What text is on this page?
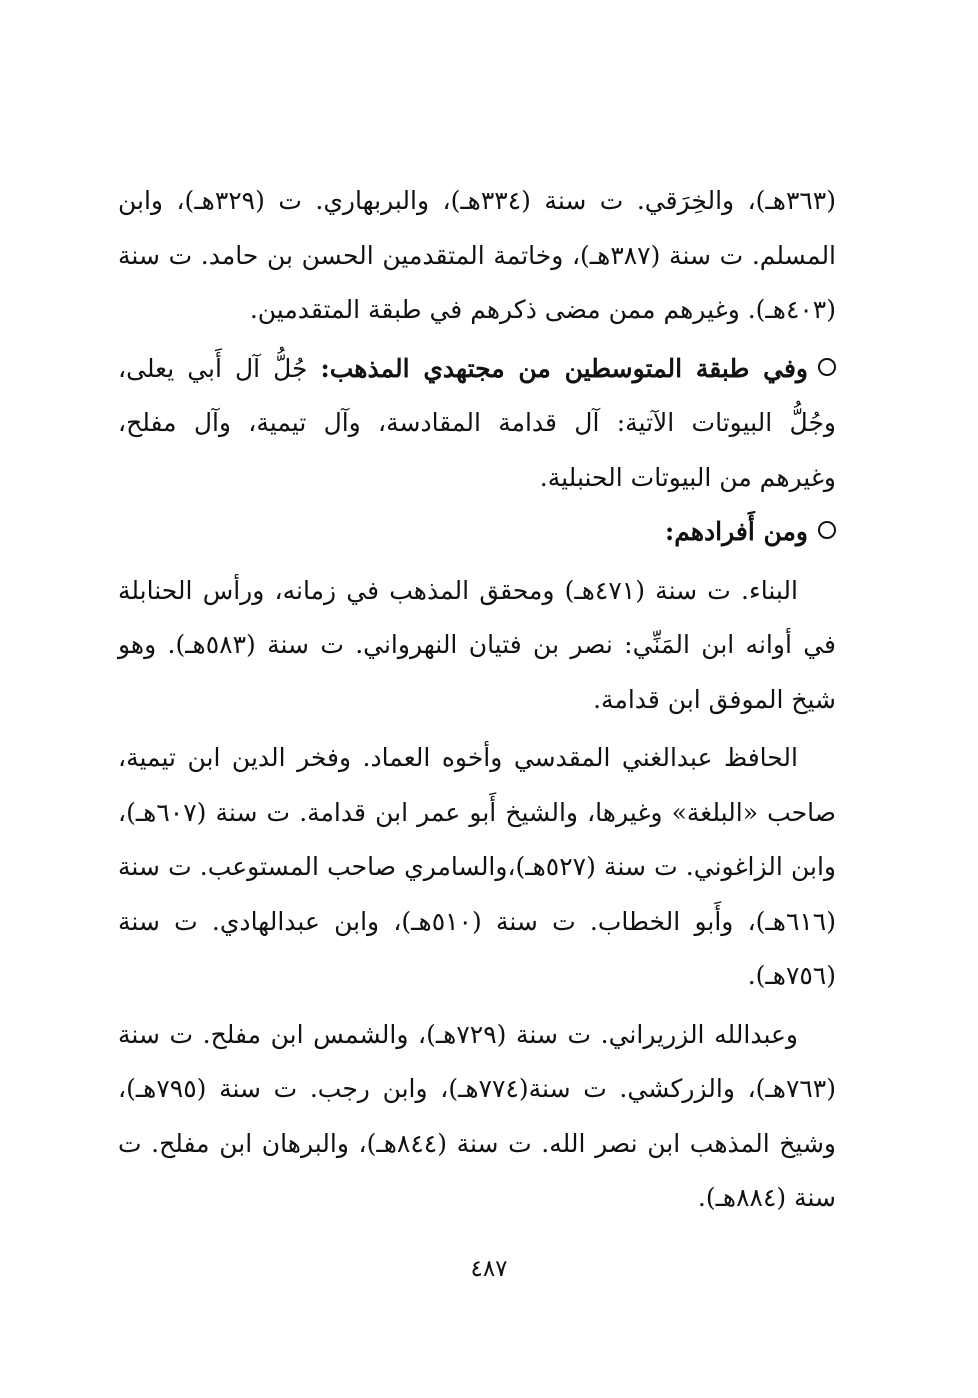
(٣٦٣هـ)، والخِرَقي. ت سنة (٣٣٤هـ)، والبربهاري. ت (٣٢٩هـ)، وابن المسلم. ت سنة (٣٨٧هـ)، وخاتمة المتقدمين الحسن بن حامد. ت سنة (٤٠٣هـ). وغيرهم ممن مضى ذكرهم في طبقة المتقدمين.

وفي طبقة المتوسطين من مجتهدي المذهب: جُلُّ آل أَبي يعلى، وجُلُّ البيوتات الآتية: آل قدامة المقادسة، وآل تيمية، وآل مفلح، وغيرهم من البيوتات الحنبلية.

ومن أَفرادهم:

البناء. ت سنة (٤٧١هـ) ومحقق المذهب في زمانه، ورأس الحنابلة في أوانه ابن المَنِّي: نصر بن فتيان النهرواني. ت سنة (٥٨٣هـ). وهو شيخ الموفق ابن قدامة.

الحافظ عبدالغني المقدسي وأخوه العماد. وفخر الدين ابن تيمية، صاحب «البلغة» وغيرها، والشيخ أَبو عمر ابن قدامة. ت سنة (٦٠٧هـ)، وابن الزاغوني. ت سنة (٥٢٧هـ)،والسامري صاحب المستوعب. ت سنة (٦١٦هـ)، وأَبو الخطاب. ت سنة (٥١٠هـ)، وابن عبدالهادي. ت سنة (٧٥٦هـ).

وعبدالله الزريراني. ت سنة (٧٢٩هـ)، والشمس ابن مفلح. ت سنة (٧٦٣هـ)، والزركشي. ت سنة(٧٧٤هـ)، وابن رجب. ت سنة (٧٩٥هـ)، وشيخ المذهب ابن نصر الله. ت سنة (٨٤٤هـ)، والبرهان ابن مفلح. ت سنة (٨٨٤هـ).

٤٨٧
